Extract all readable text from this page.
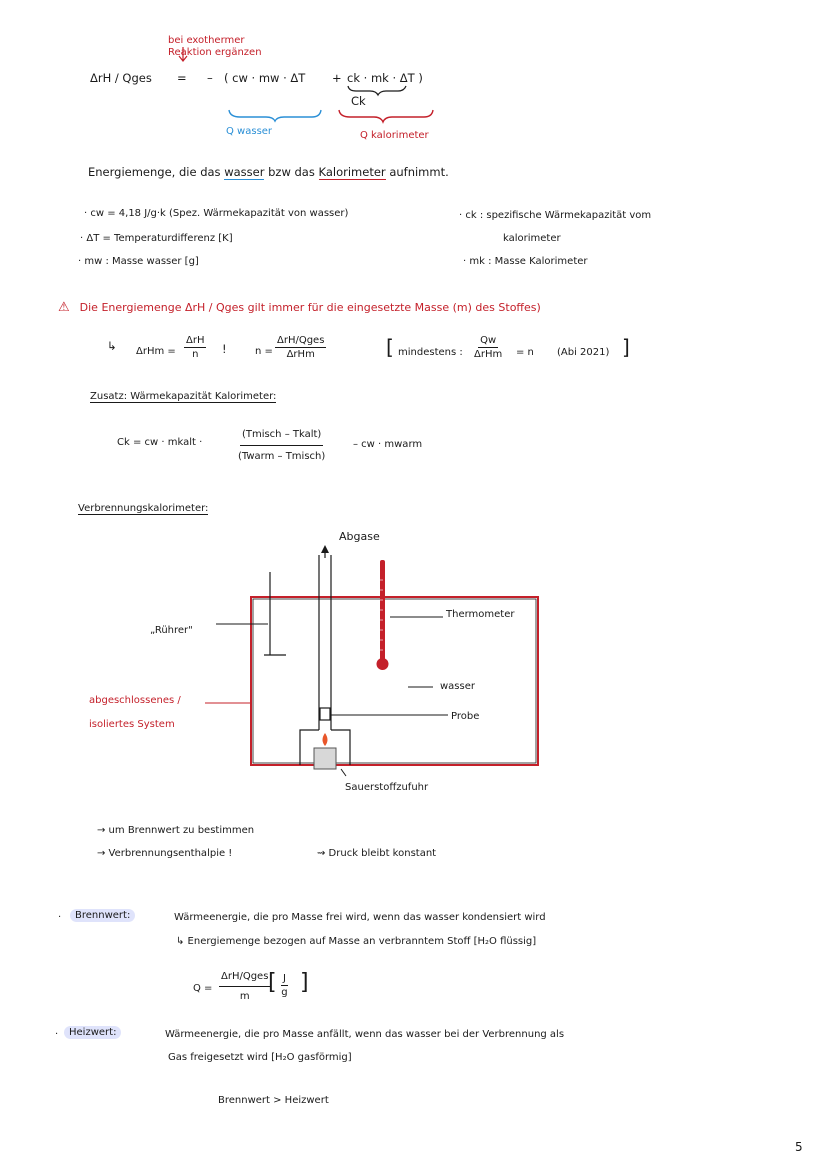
bei exothermer Reaktion ergänzen
ΔrH / Qges = – ( cw · mw · ΔT + ck · mk · ΔT )
Ck
Q wasser	Q kalorimeter
Energiemenge, die das wasser bzw das Kalorimeter aufnimmt.
· cw = 4,18 J/g·k (Spez. Wärmekapazität von wasser)
· ΔT = Temperaturdifferenz [K]
· mw : Masse wasser [g]
· ck : spezifische Wärmekapazität vom
kalorimeter
· mk : Masse Kalorimeter
⚠ Die Energiemenge ΔrH / Qges gilt immer für die eingesetzte Masse (m) des Stoffes)
↳ ΔrHm =
ΔrH
n !	n =
ΔrH/Qges
ΔrHm	[ mindestens :
Qw
ΔrHm = n (Abi 2021) ]
Zusatz: Wärmekapazität Kalorimeter:
Ck = cw · mkalt ·
(Tmisch – Tkalt)
(Twarm – Tmisch)
– cw · mwarm
Verbrennungskalorimeter:
Abgase
„Rührer"
Thermometer
wasser
Probe
Sauerstoffzufuhr
abgeschlossenes /
isoliertes System
→ um Brennwert zu bestimmen
→ Verbrennungsenthalpie !	⇝ Druck bleibt konstant
·	Brennwert:	Wärmeenergie, die pro Masse frei wird, wenn das wasser kondensiert wird
↳ Energiemenge bezogen auf Masse an verbranntem Stoff [H₂O flüssig]
Q =
ΔrH/Qges
m
[ $\frac{J}{g}$ ]
·	Heizwert:	Wärmeenergie, die pro Masse anfällt, wenn das wasser bei der Verbrennung als
Gas freigesetzt wird [H₂O gasförmig]
Brennwert > Heizwert
5
